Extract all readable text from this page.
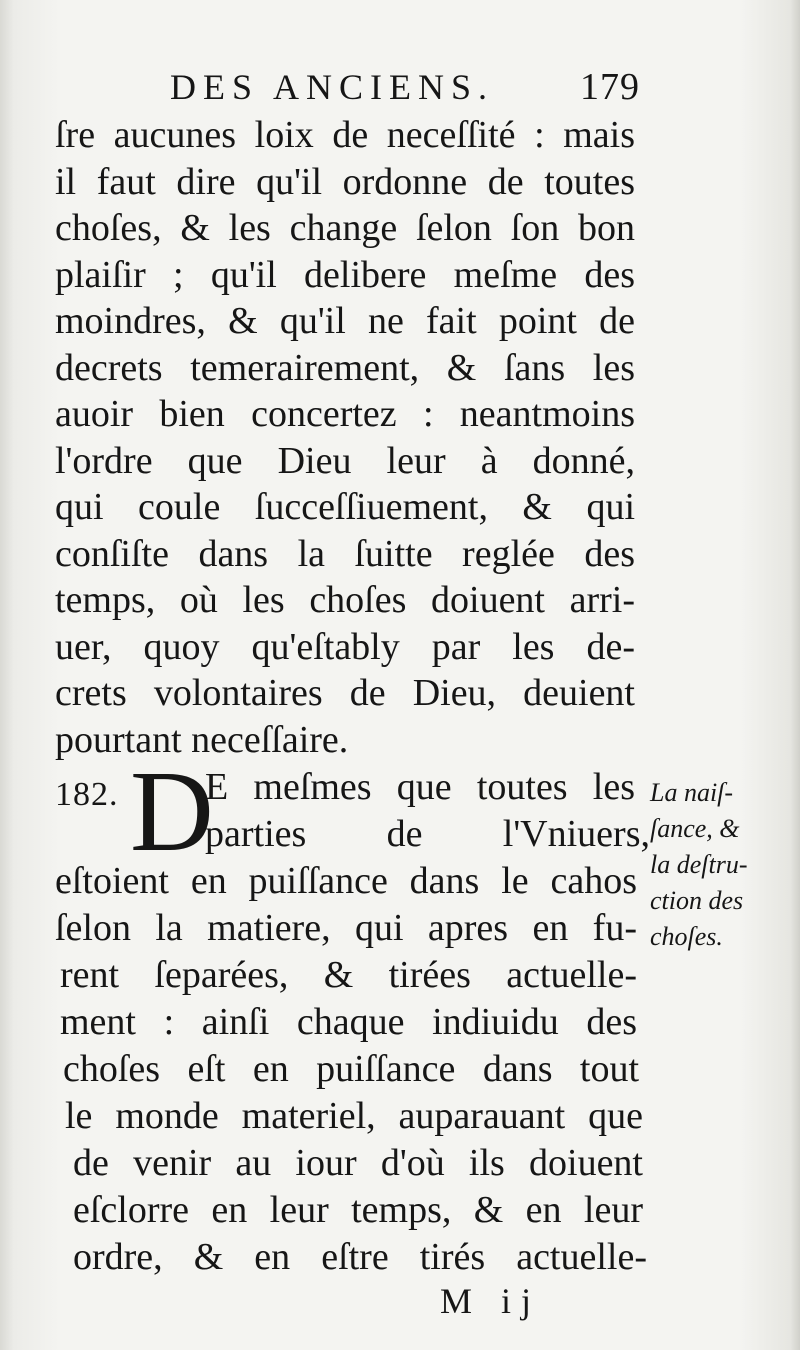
DES ANCIENS. 179
ſre aucunes loix de neceſſité : mais
il faut dire qu'il ordonne de toutes
choſes, & les change ſelon ſon bon
plaiſir ; qu'il delibere meſme des
moindres, & qu'il ne fait point de
decrets temerairement, & ſans les
auoir bien concertez : neantmoins
l'ordre que Dieu leur à donné,
qui coule ſucceſſiuement, & qui
conſiſte dans la ſuitte reglée des
temps, où les choſes doiuent arri-
uer, quoy qu'eſtably par les de-
crets volontaires de Dieu, deuient
pourtant neceſſaire.
182. D
E meſmes que toutes les
parties de l'Vniuers,
eſtoient en puiſſance dans le cahos
ſelon la matiere, qui apres en fu-
rent ſeparées, & tirées actuelle-
ment : ainſi chaque indiuidu des
choſes eſt en puiſſance dans tout
le monde materiel, auparauant que
de venir au iour d'où ils doiuent
eſclorre en leur temps, & en leur
ordre, & en eſtre tirés actuelle-
La naiſ-
ſance, &
la deſtru-
ction des
choſes.
M ij
